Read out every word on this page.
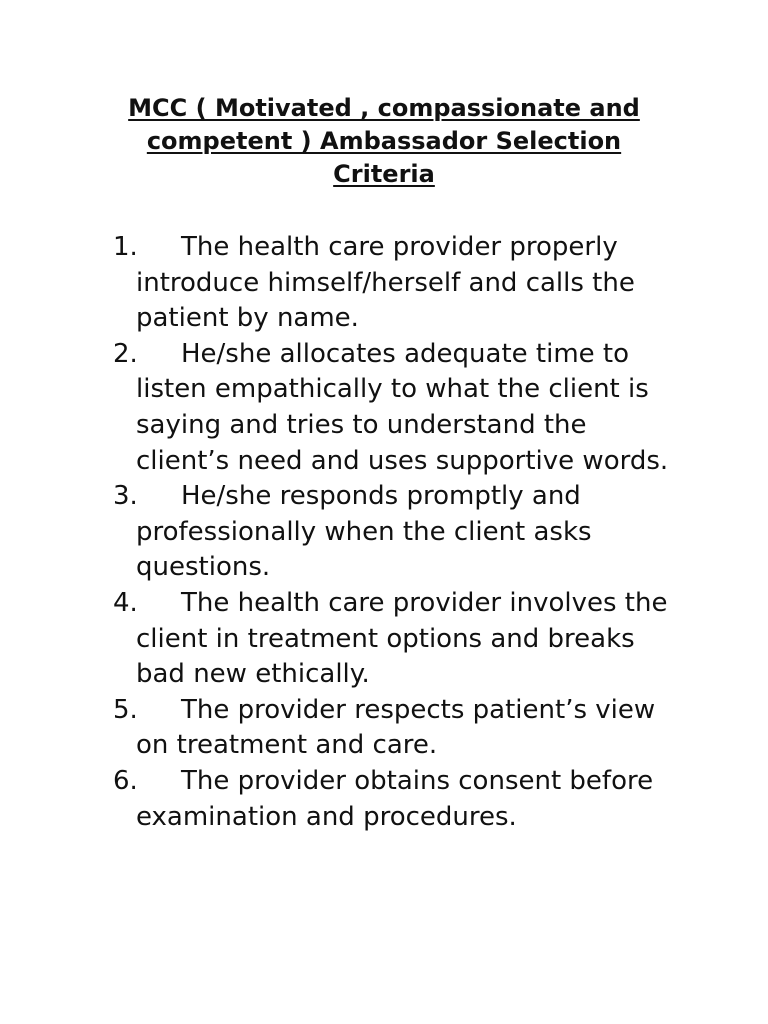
MCC ( Motivated , compassionate and competent ) Ambassador Selection Criteria
1.	The health care provider properly introduce himself/herself and calls the patient by name.
2.	He/she allocates adequate time to listen empathically to what the client is saying and tries to understand the client’s need and uses supportive words.
3.	He/she responds promptly and professionally when the client asks questions.
4.	The health care provider involves the client in treatment options and breaks bad new ethically.
5.	The provider respects patient’s view on treatment and care.
6.	The provider obtains consent before examination and procedures.
